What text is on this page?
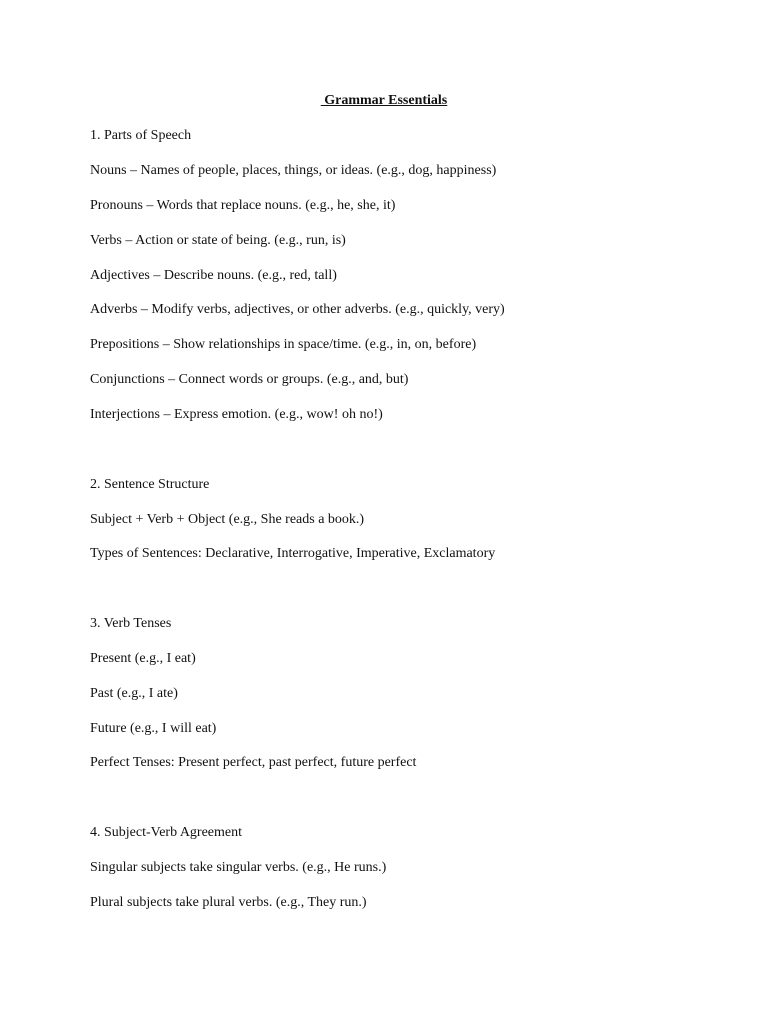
Grammar Essentials
1. Parts of Speech
Nouns – Names of people, places, things, or ideas. (e.g., dog, happiness)
Pronouns – Words that replace nouns. (e.g., he, she, it)
Verbs – Action or state of being. (e.g., run, is)
Adjectives – Describe nouns. (e.g., red, tall)
Adverbs – Modify verbs, adjectives, or other adverbs. (e.g., quickly, very)
Prepositions – Show relationships in space/time. (e.g., in, on, before)
Conjunctions – Connect words or groups. (e.g., and, but)
Interjections – Express emotion. (e.g., wow! oh no!)
2. Sentence Structure
Subject + Verb + Object (e.g., She reads a book.)
Types of Sentences: Declarative, Interrogative, Imperative, Exclamatory
3. Verb Tenses
Present (e.g., I eat)
Past (e.g., I ate)
Future (e.g., I will eat)
Perfect Tenses: Present perfect, past perfect, future perfect
4. Subject-Verb Agreement
Singular subjects take singular verbs. (e.g., He runs.)
Plural subjects take plural verbs. (e.g., They run.)
